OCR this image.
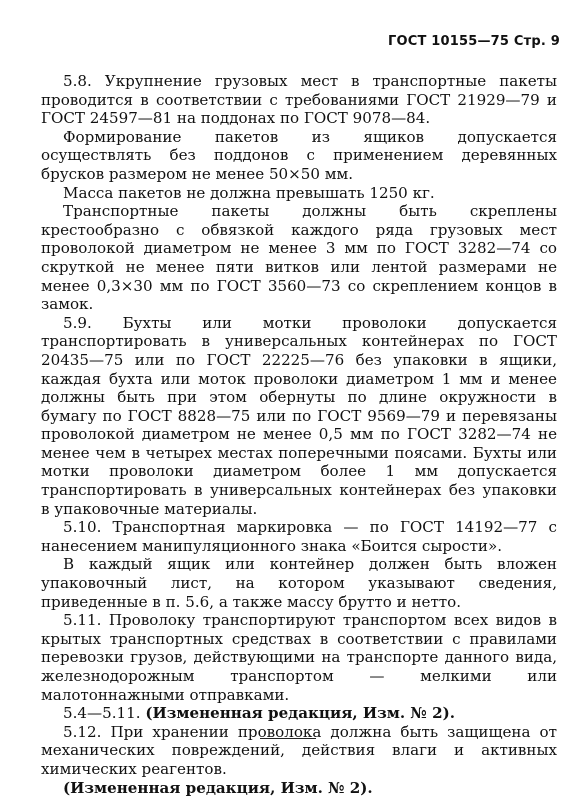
ГОСТ 10155—75 Стр. 9

5.8. Укрупнение грузовых мест в транспортные пакеты проводится в соответствии с требованиями ГОСТ 21929—79 и ГОСТ 24597—81 на поддонах по ГОСТ 9078—84.

Формирование пакетов из ящиков допускается осуществлять без поддонов с применением деревянных брусков размером не менее 50×50 мм.

Масса пакетов не должна превышать 1250 кг.

Транспортные пакеты должны быть скреплены крестообразно с обвязкой каждого ряда грузовых мест проволокой диаметром не менее 3 мм по ГОСТ 3282—74 со скруткой не менее пяти витков или лентой размерами не менее 0,3×30 мм по ГОСТ 3560—73 со скреплением концов в замок.

5.9. Бухты или мотки проволоки допускается транспортировать в универсальных контейнерах по ГОСТ 20435—75 или по ГОСТ 22225—76 без упаковки в ящики, каждая бухта или моток проволоки диаметром 1 мм и менее должны быть при этом обернуты по длине окружности в бумагу по ГОСТ 8828—75 или по ГОСТ 9569—79 и перевязаны проволокой диаметром не менее 0,5 мм по ГОСТ 3282—74 не менее чем в четырех местах поперечными поясами. Бухты или мотки проволоки диаметром более 1 мм допускается транспортировать в универсальных контейнерах без упаковки в упаковочные материалы.

5.10. Транспортная маркировка — по ГОСТ 14192—77 с нанесением манипуляционного знака «Боится сырости».

В каждый ящик или контейнер должен быть вложен упаковочный лист, на котором указывают сведения, приведенные в п. 5.6, а также массу брутто и нетто.

5.11. Проволоку транспортируют транспортом всех видов в крытых транспортных средствах в соответствии с правилами перевозки грузов, действующими на транспорте данного вида, железнодорожным транспортом — мелкими или малотоннажными отправками.

5.4—5.11. (Измененная редакция, Изм. № 2).

5.12. При хранении проволока должна быть защищена от механических повреждений, действия влаги и активных химических реагентов.

(Измененная редакция, Изм. № 2).
